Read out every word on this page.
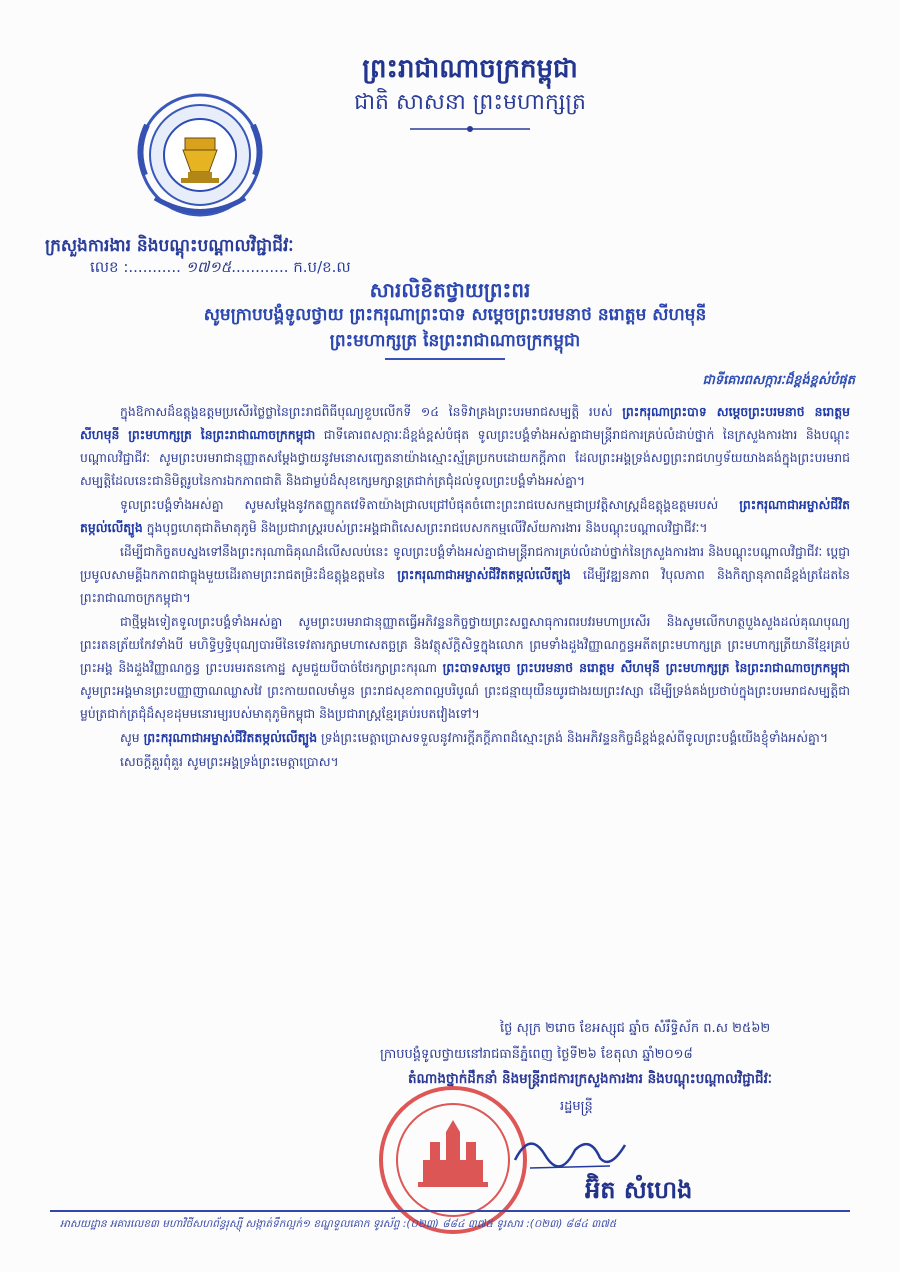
ព្រះរាជាណាចក្រកម្ពុជា
ជាតិ សាសនា ព្រះមហាក្សត្រ
ក្រសួងការងារ និងបណ្តុះបណ្តាលវិជ្ជាជីវៈ
លេខ :........... ១៧១៥............ ក.ប/ខ.ល
សារលិខិតថ្វាយព្រះពរ
សូមក្រាបបង្គំទូលថ្វាយ ព្រះករុណាព្រះបាទ សម្តេចព្រះបរមនាថ នរោត្តម សីហមុនី
ព្រះមហាក្សត្រ នៃព្រះរាជាណាចក្រកម្ពុជា
ជាទីគោរពសក្ការៈដ៏ខ្ពង់ខ្ពស់បំផុត

ក្នុងឱកាសដ៏ឧត្តុង្គឧត្តមប្រសើរថ្លៃថ្លានៃព្រះរាជពិធីបុណ្យខួបលើកទី ១៤ នៃទិវាគ្រងព្រះបរមរាជសម្បត្តិ របស់ ព្រះករុណាព្រះបាទ សម្តេចព្រះបរមនាថ នរោត្តម សីហមុនី ព្រះមហាក្សត្រ នៃព្រះរាជាណាចក្រកម្ពុជា ជាទីគោរពសក្ការៈដ៏ខ្ពង់ខ្ពស់បំផុត ទូលព្រះបង្គំទាំងអស់គ្នាជាមន្ត្រីរាជការគ្រប់លំដាប់ថ្នាក់ នៃក្រសួងការងារ និងបណ្តុះបណ្តាលវិជ្ជាជីវៈ សូមព្រះបរមរាជានុញ្ញាតសម្តែងថ្វាយនូវមនោសញ្ចេតនាយ៉ាងស្មោះស្ម័គ្រប្រកបដោយកក្តីភាព ដែលព្រះអង្គទ្រង់សព្វព្រះរាជហឫទ័យយាងគង់ក្នុងព្រះបរមរាជសម្បត្តិដែលនេះជានិមិត្តរូបនៃការឯកភាពជាតិ និងជាម្លប់ដ៏សុខក្សេមក្សាន្តត្រជាក់ត្រជុំដល់ទូលព្រះបង្គំទាំងអស់គ្នា។

ទូលព្រះបង្គំទាំងអស់គ្នា សូមសម្តែងនូវកតញ្ញូកតវេទិតាយ៉ាងជ្រាលជ្រៅបំផុតចំពោះព្រះរាជបេសកម្មជាប្រវត្តិសាស្ត្រដ៏ឧត្តុង្គឧត្តមរបស់ ព្រះករុណាជាអម្ចាស់ជីវិតតម្កល់លើត្បូង ក្នុងបុព្វហេតុជាតិមាតុភូមិ និងប្រជារាស្ត្ររបស់ព្រះអង្គជាពិសេសព្រះរាជបេសកកម្មលើវិស័យការងារ និងបណ្តុះបណ្តាលវិជ្ជាជីវៈ។

ដើម្បីជាកិច្ចតបស្នងទៅនឹងព្រះករុណាធិគុណដ៏លើសលប់នេះ ទូលព្រះបង្គំទាំងអស់គ្នាជាមន្ត្រីរាជការគ្រប់លំដាប់ថ្នាក់នៃក្រសួងការងារ និងបណ្តុះបណ្តាលវិជ្ជាជីវៈ ប្តេជ្ញាប្រមូលសាមគ្គីឯកភាពជាធ្លុងមួយដើរតាមព្រះរាជតម្រិះដ៏ឧត្តុង្គឧត្តមនៃ ព្រះករុណាជាអម្ចាស់ជីវិតតម្កល់លើត្បូង ដើម្បីវឌ្ឍនភាព វិបុលភាព និងកិត្យានុភាពដ៏ខ្ពង់ត្រដែតនៃព្រះរាជាណាចក្រកម្ពុជា។

ជាថ្មីម្តងទៀតទូលព្រះបង្គំទាំងអស់គ្នា សូមព្រះបរមរាជានុញ្ញាតធ្វើអភិវន្ទនកិច្ចថ្វាយព្រះសព្ទសាធុការពរបវរមហាប្រសើរ និងសូមលើកហត្ថបួងសួងដល់គុណបុណ្យព្រះរតនត្រ័យកែវទាំងបី មហិទ្ធិឫទ្ធិបុណ្យបារមីនៃទេវតារក្សាមហាសេតច្ឆត្រ និងវត្ថុស័ក្តិសិទ្ធក្នុងលោក ព្រមទាំងដួងវិញ្ញាណក្ខន្ធអតីតព្រះមហាក្សត្រ ព្រះមហាក្សត្រីយានីខ្មែរគ្រប់ព្រះអង្គ និងដួងវិញ្ញាណក្ខន្ធ ព្រះបរមរតនកោដ្ឋ សូមជួយបីបាច់ថែរក្សាព្រះករុណា ព្រះបាទសម្តេច ព្រះបរមនាថ នរោត្តម សីហមុនី ព្រះមហាក្សត្រ នៃព្រះរាជាណាចក្រកម្ពុជា សូមព្រះអង្គមានព្រះបញ្ញាញាណឈ្លាសវៃ ព្រះកាយពលមាំមួន ព្រះរាជសុខភាពល្អបរិបូណ៌ ព្រះជន្មាយុយឺនយូរជាងរយព្រះវស្សា ដើម្បីទ្រង់គង់ប្រថាប់ក្នុងព្រះបរមរាជសម្បត្តិជាម្លប់ត្រជាក់ត្រជុំដ៏សុខដុមមនោរម្យរបស់មាតុភូមិកម្ពុជា និងប្រជារាស្ត្រខ្មែរគ្រប់របតវៀងទៅ។

សូម ព្រះករុណាជាអម្ចាស់ជីវិតតម្កល់លើត្បូង ទ្រង់ព្រះមេត្តាប្រោសទទួលនូវការក្តីភក្តីភាពដ៏ស្មោះត្រង់ និងអភិវន្ទនកិច្ចដ៏ខ្ពង់ខ្ពស់ពីទូលព្រះបង្គំយើងខ្ញុំទាំងអស់គ្នា។

សេចក្តីគួរពុំគួរ សូមព្រះអង្គទ្រង់ព្រះមេត្តាប្រោស។

ថ្ងៃ សុក្រ ២រោច ខែអស្សុជ ឆ្នាំច សំរឹទ្ធិស័ក ព.ស ២៥៦២
ក្រាបបង្គំទូលថ្វាយនៅរាជធានីភ្នំពេញ ថ្ងៃទី២៦ ខែតុលា ឆ្នាំ២០១៨
តំណាងថ្នាក់ដឹកនាំ និងមន្ត្រីរាជការក្រសួងការងារ និងបណ្តុះបណ្តាលវិជ្ជាជីវៈ
រដ្ឋមន្ត្រី
អ៊ិត សំហេង
អាសយដ្ឋាន អគារលេខ៣ មហាវិថីសហព័ន្ធរុស្ស៊ី សង្កាត់ទឹកល្អក់១ ខណ្ឌទួលគោក ទូរស័ព្ទ :(០២៣) ៨៨៤ ៣៧៥ ទូរសារ :(០២៣) ៨៨៤ ៣៧៥
